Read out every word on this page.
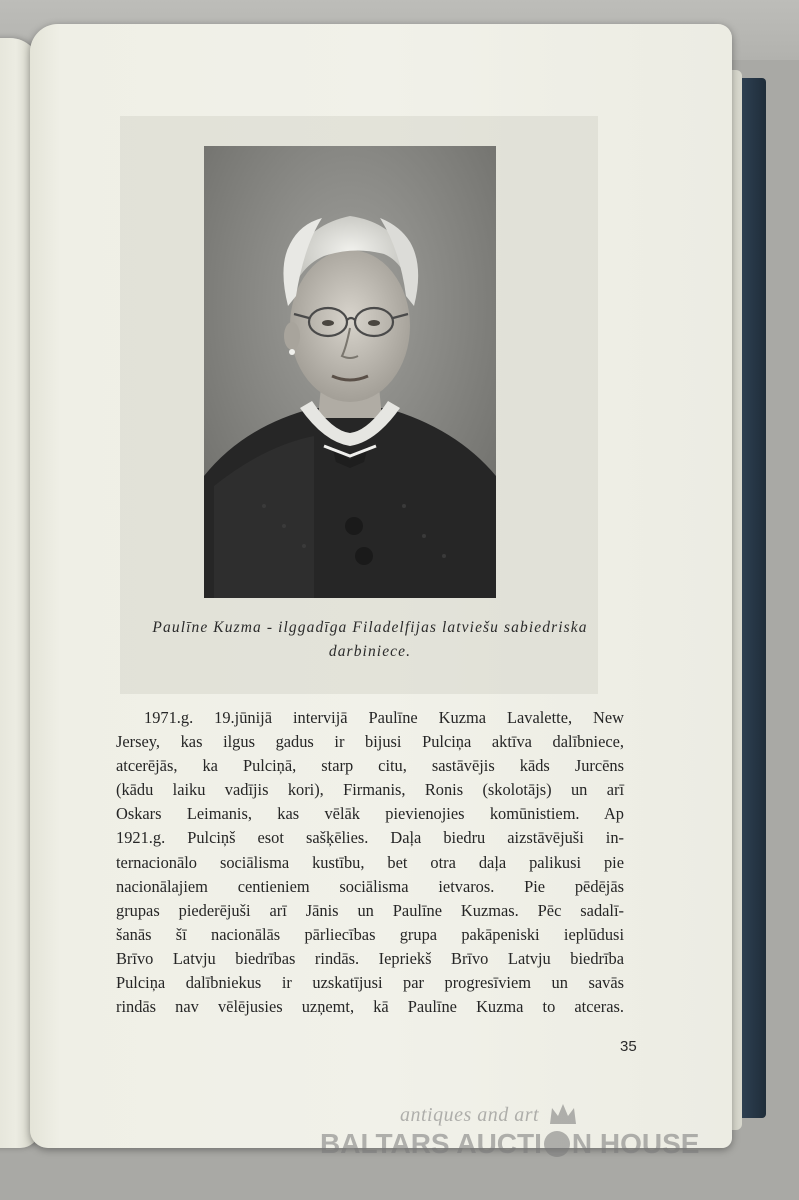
Paulīne Kuzma - ilggadīga Filadelfijas latviešu sabiedriska
darbiniece.
1971.g. 19.jūnijā intervijā Paulīne Kuzma Lavalette, New
Jersey, kas ilgus gadus ir bijusi Pulciņa aktīva dalībniece,
atcerējās, ka Pulciņā, starp citu, sastāvējis kāds Jurcēns
(kādu laiku vadījis kori), Firmanis, Ronis (skolotājs) un arī
Oskars Leimanis, kas vēlāk pievienojies komūnistiem. Ap
1921.g. Pulciņš esot sašķēlies. Daļa biedru aizstāvējuši in-
ternacionālo sociālisma kustību, bet otra daļa palikusi pie
nacionālajiem centieniem sociālisma ietvaros. Pie pēdējās
grupas piederējuši arī Jānis un Paulīne Kuzmas. Pēc sadalī-
šanās šī nacionālās pārliecības grupa pakāpeniski ieplūdusi
Brīvo Latvju biedrības rindās. Iepriekš Brīvo Latvju biedrība
Pulciņa dalībniekus ir uzskatījusi par progresīviem un savās
rindās nav vēlējusies uzņemt, kā Paulīne Kuzma to atceras.
35
antiques and art
BALTARS AUCTI N HOUSE
